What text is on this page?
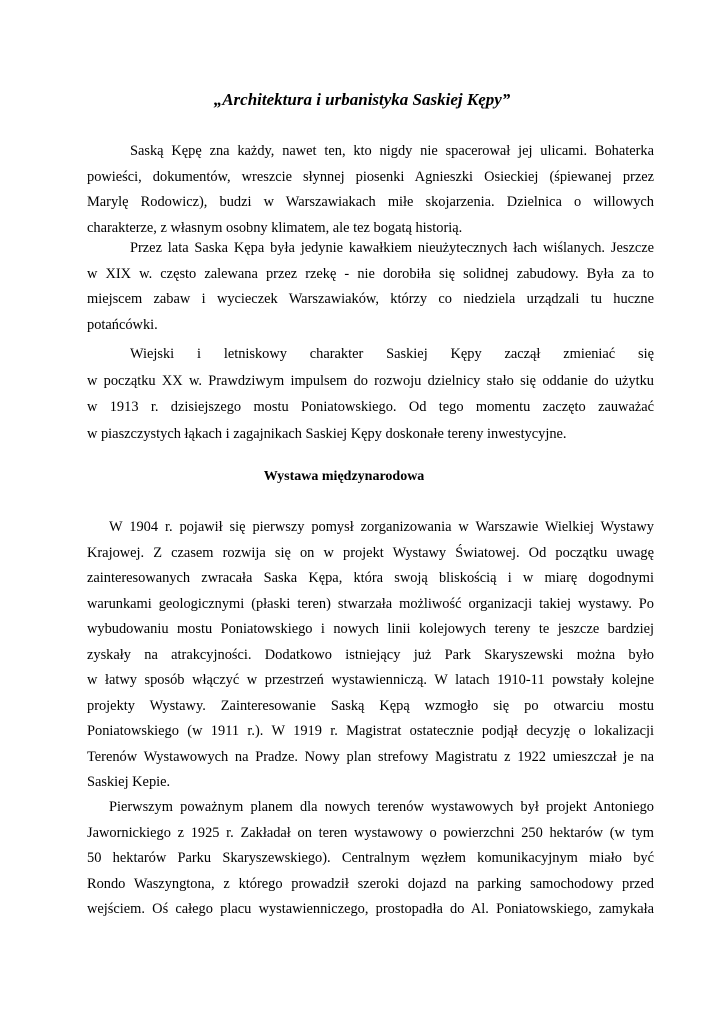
„Architektura i urbanistyka Saskiej Kępy”
Saską Kępę zna każdy, nawet ten, kto nigdy nie spacerował jej ulicami. Bohaterka
powieści, dokumentów, wreszcie słynnej piosenki Agnieszki Osieckiej (śpiewanej przez
Marylę Rodowicz), budzi w Warszawiakach miłe skojarzenia. Dzielnica o willowych
charakterze, z własnym osobny klimatem, ale tez bogatą historią.
Przez lata Saska Kępa była jedynie kawałkiem nieużytecznych łach wiślanych. Jeszcze
w XIX w. często zalewana przez rzekę - nie dorobiła się solidnej zabudowy. Była za to
miejscem zabaw i wycieczek Warszawiaków, którzy co niedziela urządzali tu huczne
potańcówki.
Wiejski i letniskowy charakter Saskiej Kępy zaczął zmieniać się
w początku XX w. Prawdziwym impulsem do rozwoju dzielnicy stało się oddanie do użytku
w 1913 r. dzisiejszego mostu Poniatowskiego. Od tego momentu zaczęto zauważać
w piaszczystych łąkach i zagajnikach Saskiej Kępy doskonałe tereny inwestycyjne.
Wystawa międzynarodowa
W 1904 r. pojawił się pierwszy pomysł zorganizowania w Warszawie Wielkiej Wystawy
Krajowej. Z czasem rozwija się on w projekt Wystawy Światowej. Od początku uwagę
zainteresowanych zwracała Saska Kępa, która swoją bliskością i w miarę dogodnymi
warunkami geologicznymi (płaski teren) stwarzała możliwość organizacji takiej wystawy. Po
wybudowaniu mostu Poniatowskiego i nowych linii kolejowych tereny te jeszcze bardziej
zyskały na atrakcyjności. Dodatkowo istniejący już Park Skaryszewski można było
w łatwy sposób włączyć w przestrzeń wystawienniczą. W latach 1910-11 powstały kolejne
projekty Wystawy. Zainteresowanie Saską Kępą wzmogło się po otwarciu mostu
Poniatowskiego (w 1911 r.). W 1919 r. Magistrat ostatecznie podjął decyzję o lokalizacji
Terenów Wystawowych na Pradze. Nowy plan strefowy Magistratu z 1922 umieszczał je na
Saskiej Kepie.
Pierwszym poważnym planem dla nowych terenów wystawowych był projekt Antoniego
Jawornickiego z 1925 r. Zakładał on teren wystawowy o powierzchni 250 hektarów (w tym
50 hektarów Parku Skaryszewskiego). Centralnym węzłem komunikacyjnym miało być
Rondo Waszyngtona, z którego prowadził szeroki dojazd na parking samochodowy przed
wejściem. Oś całego placu wystawienniczego, prostopadła do Al. Poniatowskiego, zamykała
